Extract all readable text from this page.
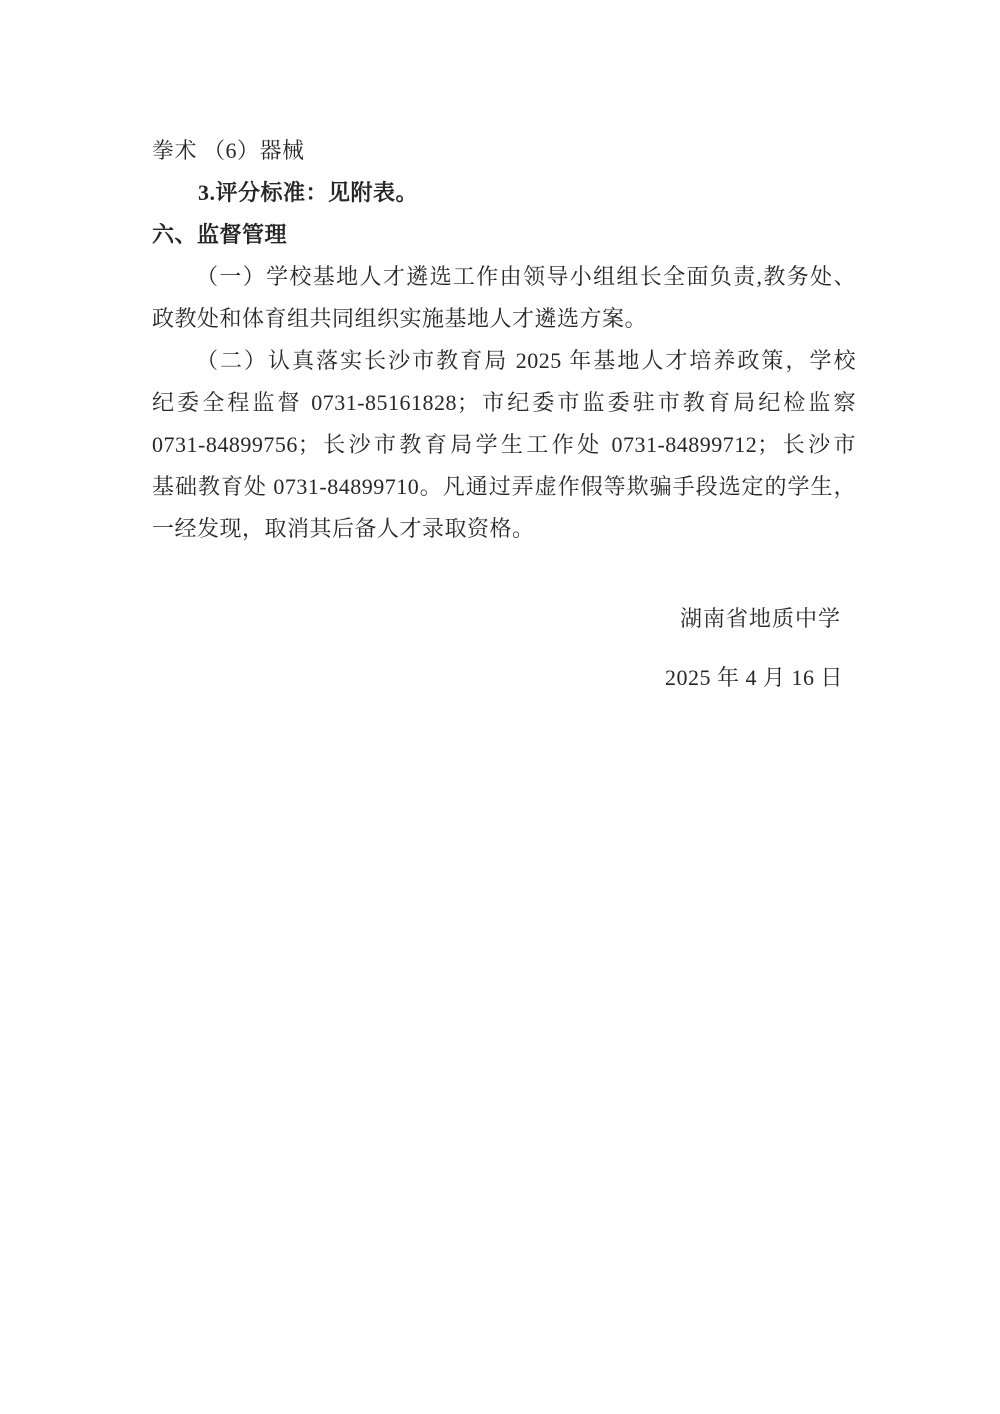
拳术 （6）器械
3.评分标准：见附表。
六、监督管理
（一）学校基地人才遴选工作由领导小组组长全面负责,教务处、
政教处和体育组共同组织实施基地人才遴选方案。
（二）认真落实长沙市教育局 2025 年基地人才培养政策，学校
纪委全程监督 0731-85161828；市纪委市监委驻市教育局纪检监察
0731-84899756；长沙市教育局学生工作处 0731-84899712；长沙市
基础教育处 0731-84899710。凡通过弄虚作假等欺骗手段选定的学生，
一经发现，取消其后备人才录取资格。
湖南省地质中学
2025 年 4 月 16 日
